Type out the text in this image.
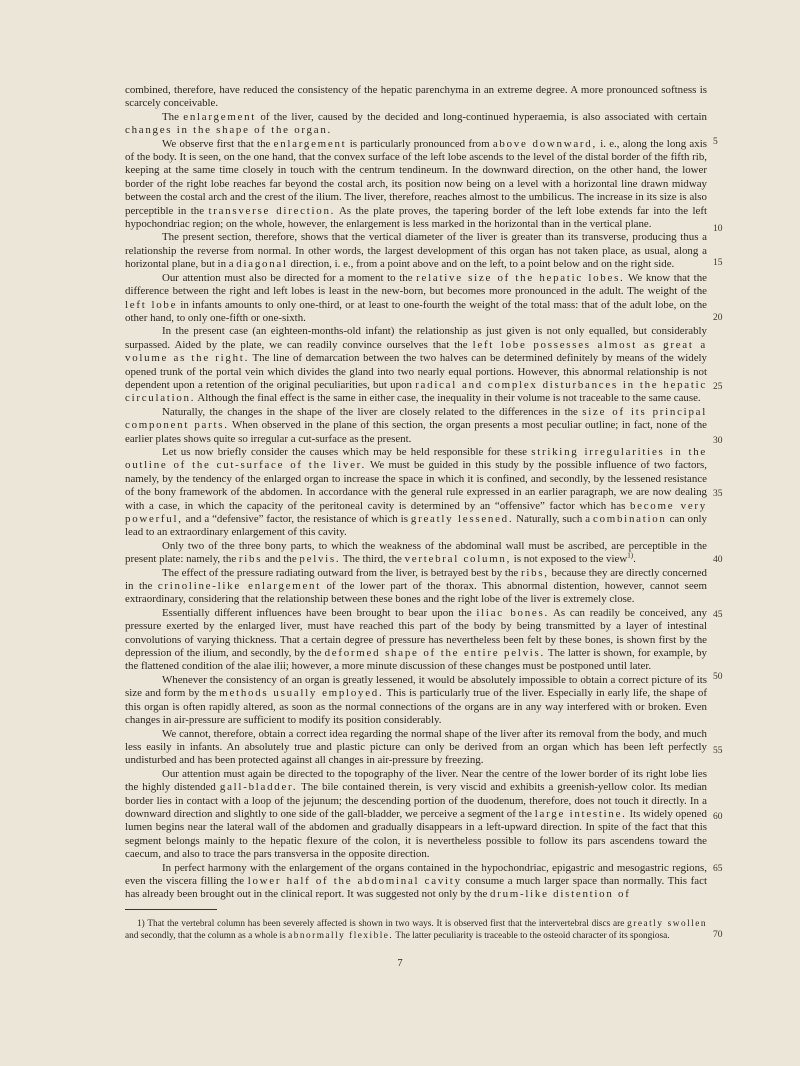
combined, therefore, have reduced the consistency of the hepatic parenchyma in an extreme degree. A more pronounced softness is scarcely conceivable.

The enlargement of the liver, caused by the decided and long-continued hyperaemia, is also associated with certain changes in the shape of the organ.

We observe first that the enlargement is particularly pronounced from above downward, i. e., along the long axis of the body. It is seen, on the one hand, that the convex surface of the left lobe ascends to the level of the distal border of the fifth rib, keeping at the same time closely in touch with the centrum tendineum. In the downward direction, on the other hand, the lower border of the right lobe reaches far beyond the costal arch, its position now being on a level with a horizontal line drawn midway between the costal arch and the crest of the ilium. The liver, therefore, reaches almost to the umbilicus. The increase in its size is also perceptible in the transverse direction. As the plate proves, the tapering border of the left lobe extends far into the left hypochondriac region; on the whole, however, the enlargement is less marked in the horizontal than in the vertical plane.

The present section, therefore, shows that the vertical diameter of the liver is greater than its transverse, producing thus a relationship the reverse from normal. In other words, the largest development of this organ has not taken place, as usual, along a horizontal plane, but in a diagonal direction, i. e., from a point above and on the left, to a point below and on the right side.

Our attention must also be directed for a moment to the relative size of the hepatic lobes. We know that the difference between the right and left lobes is least in the new-born, but becomes more pronounced in the adult. The weight of the left lobe in infants amounts to only one-third, or at least to one-fourth the weight of the total mass: that of the adult lobe, on the other hand, to only one-fifth or one-sixth.

In the present case (an eighteen-months-old infant) the relationship as just given is not only equalled, but considerably surpassed. Aided by the plate, we can readily convince ourselves that the left lobe possesses almost as great a volume as the right. The line of demarcation between the two halves can be determined definitely by means of the widely opened trunk of the portal vein which divides the gland into two nearly equal portions. However, this abnormal relationship is not dependent upon a retention of the original peculiarities, but upon radical and complex disturbances in the hepatic circulation. Although the final effect is the same in either case, the inequality in their volume is not traceable to the same cause.

Naturally, the changes in the shape of the liver are closely related to the differences in the size of its principal component parts. When observed in the plane of this section, the organ presents a most peculiar outline; in fact, none of the earlier plates shows quite so irregular a cut-surface as the present.

Let us now briefly consider the causes which may be held responsible for these striking irregularities in the outline of the cut-surface of the liver. We must be guided in this study by the possible influence of two factors, namely, by the tendency of the enlarged organ to increase the space in which it is confined, and secondly, by the lessened resistance of the bony framework of the abdomen. In accordance with the general rule expressed in an earlier paragraph, we are now dealing with a case, in which the capacity of the peritoneal cavity is determined by an “offensive” factor which has become very powerful, and a “defensive” factor, the resistance of which is greatly lessened. Naturally, such a combination can only lead to an extraordinary enlargement of this cavity.

Only two of the three bony parts, to which the weakness of the abdominal wall must be ascribed, are perceptible in the present plate: namely, the ribs and the pelvis. The third, the vertebral column, is not exposed to the view$^{1)}$.

The effect of the pressure radiating outward from the liver, is betrayed best by the ribs, because they are directly concerned in the crinoline-like enlargement of the lower part of the thorax. This abnormal distention, however, cannot seem extraordinary, considering that the relationship between these bones and the right lobe of the liver is extremely close.

Essentially different influences have been brought to bear upon the iliac bones. As can readily be conceived, any pressure exerted by the enlarged liver, must have reached this part of the body by being transmitted by a layer of intestinal convolutions of varying thickness. That a certain degree of pressure has nevertheless been felt by these bones, is shown first by the depression of the ilium, and secondly, by the deformed shape of the entire pelvis. The latter is shown, for example, by the flattened condition of the alae ilii; however, a more minute discussion of these changes must be postponed until later.

Whenever the consistency of an organ is greatly lessened, it would be absolutely impossible to obtain a correct picture of its size and form by the methods usually employed. This is particularly true of the liver. Especially in early life, the shape of this organ is often rapidly altered, as soon as the normal connections of the organs are in any way interfered with or broken. Even changes in air-pressure are sufficient to modify its position considerably.

We cannot, therefore, obtain a correct idea regarding the normal shape of the liver after its removal from the body, and much less easily in infants. An absolutely true and plastic picture can only be derived from an organ which has been left perfectly undisturbed and has been protected against all changes in air-pressure by freezing.

Our attention must again be directed to the topography of the liver. Near the centre of the lower border of its right lobe lies the highly distended gall-bladder. The bile contained therein, is very viscid and exhibits a greenish-yellow color. Its median border lies in contact with a loop of the jejunum; the descending portion of the duodenum, therefore, does not touch it directly. In a downward direction and slightly to one side of the gall-bladder, we perceive a segment of the large intestine. Its widely opened lumen begins near the lateral wall of the abdomen and gradually disappears in a left-upward direction. In spite of the fact that this segment belongs mainly to the hepatic flexure of the colon, it is nevertheless possible to follow its pars ascendens toward the caecum, and also to trace the pars transversa in the opposite direction.

In perfect harmony with the enlargement of the organs contained in the hypochondriac, epigastric and mesogastric regions, even the viscera filling the lower half of the abdominal cavity consume a much larger space than normally. This fact has already been brought out in the clinical report. It was suggested not only by the drum-like distention of

5
10
15
20
25
30
35
40
45
50
55
60
65
70

1) That the vertebral column has been severely affected is shown in two ways. It is observed first that the intervertebral discs are greatly swollen and secondly, that the column as a whole is abnormally flexible. The latter peculiarity is traceable to the osteoid character of its spongiosa.

7
